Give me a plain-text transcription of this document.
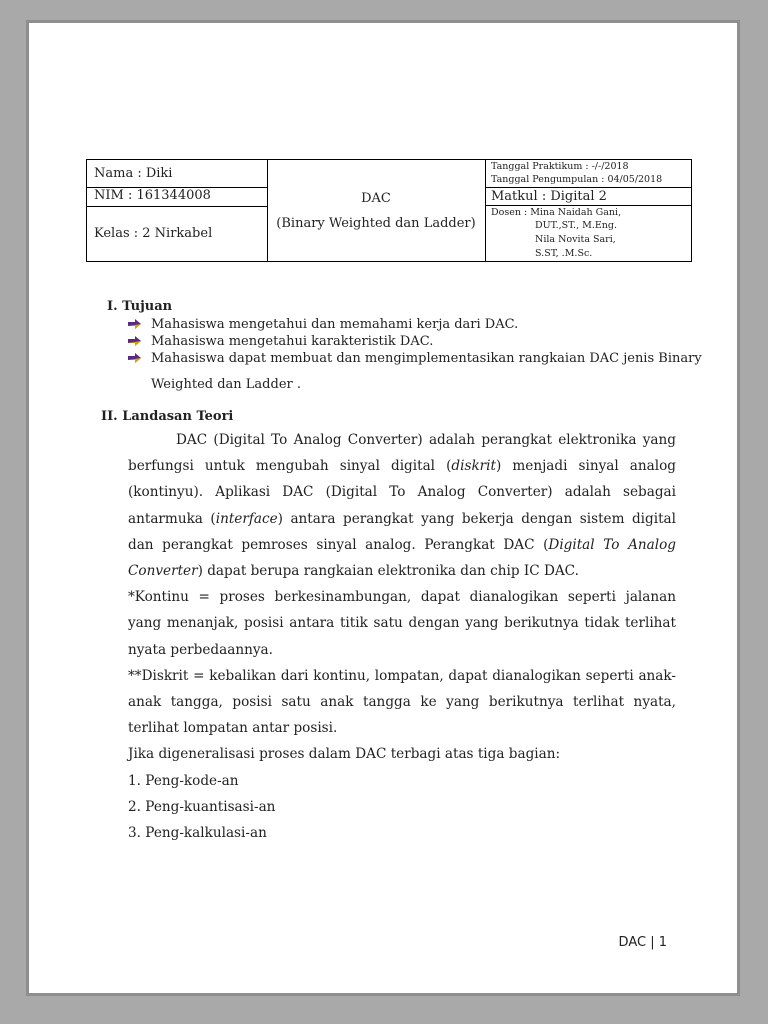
Nama : Diki
NIM : 161344008
Kelas : 2 Nirkabel
DAC
(Binary Weighted dan Ladder)
Tanggal Praktikum : -/-/2018
Tanggal Pengumpulan : 04/05/2018
Matkul : Digital 2
Dosen : Mina Naidah Gani,
DUT.,ST., M.Eng.
Nila Novita Sari,
S.ST, .M.Sc.
I. Tujuan
Mahasiswa mengetahui dan memahami kerja dari DAC.
Mahasiswa mengetahui karakteristik DAC.
Mahasiswa dapat membuat dan mengimplementasikan rangkaian DAC jenis Binary
Weighted dan Ladder .
II. Landasan Teori

DAC (Digital To Analog Converter) adalah perangkat elektronika yang berfungsi untuk mengubah sinyal digital (diskrit) menjadi sinyal analog (kontinyu). Aplikasi DAC (Digital To Analog Converter) adalah sebagai antarmuka (interface) antara perangkat yang bekerja dengan sistem digital dan perangkat pemroses sinyal analog. Perangkat DAC (Digital To Analog Converter) dapat berupa rangkaian elektronika dan chip IC DAC.

*Kontinu = proses berkesinambungan, dapat dianalogikan seperti jalanan yang menanjak, posisi antara titik satu dengan yang berikutnya tidak terlihat nyata perbedaannya.

**Diskrit = kebalikan dari kontinu, lompatan, dapat dianalogikan seperti anak-anak tangga, posisi satu anak tangga ke yang berikutnya terlihat nyata, terlihat lompatan antar posisi.

Jika digeneralisasi proses dalam DAC terbagi atas tiga bagian:

1. Peng-kode-an
2. Peng-kuantisasi-an
3. Peng-kalkulasi-an
DAC | 1
